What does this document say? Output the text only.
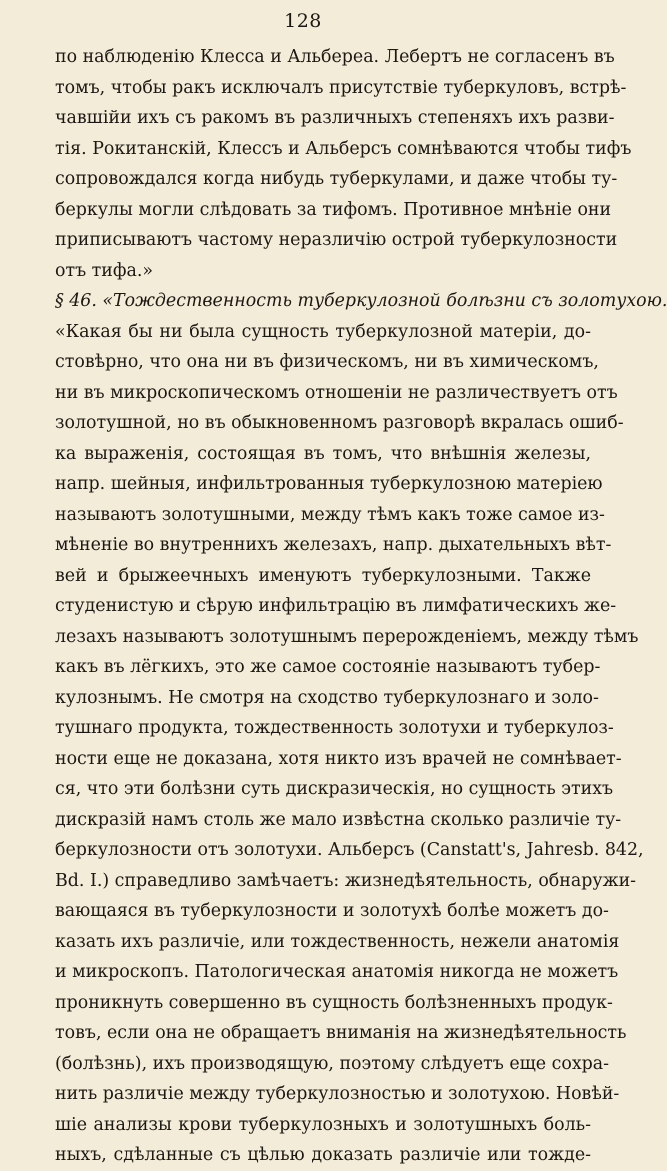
128
по наблюденію Клесса и Альбереа. Лебертъ не согласенъ въ
томъ, чтобы ракъ исключалъ присутствіе туберкуловъ, встрѣ-
чавшійи ихъ съ ракомъ въ различныхъ степеняхъ ихъ разви-
тія. Рокитанскій, Клессъ и Альберсъ сомнѣваются чтобы тифъ
сопровождался когда нибудь туберкулами, и даже чтобы ту-
беркулы могли слѣдовать за тифомъ. Противное мнѣніе они
приписываютъ частому неразличію острой туберкулозности
отъ тифа.»
§ 46. «Тождественность туберкулозной болѣзни съ золотухою.
«Какая бы ни была сущность туберкулозной матеріи, до-
стовѣрно, что она ни въ физическомъ, ни въ химическомъ,
ни въ микроскопическомъ отношеніи не различествуетъ отъ
золотушной, но въ обыкновенномъ разговорѣ вкралась ошиб-
ка выраженія, состоящая въ томъ, что внѣшнія железы,
напр. шейныя, инфильтрованныя туберкулозною матеріею
называютъ золотушными, между тѣмъ какъ тоже самое из-
мѣненіе во внутреннихъ железахъ, напр. дыхательныхъ вѣт-
вей и брыжеечныхъ именуютъ туберкулозными. Также
студенистую и сѣрую инфильтрацію въ лимфатическихъ же-
лезахъ называютъ золотушнымъ перерожденіемъ, между тѣмъ
какъ въ лёгкихъ, это же самое состояніе называютъ тубер-
кулознымъ. Не смотря на сходство туберкулознаго и золо-
тушнаго продукта, тождественность золотухи и туберкулоз-
ности еще не доказана, хотя никто изъ врачей не сомнѣвает-
ся, что эти болѣзни суть дискразическія, но сущность этихъ
дискразій намъ столь же мало извѣстна сколько различіе ту-
беркулозности отъ золотухи. Альберсъ (Canstatt's, Jahresb. 842,
Bd. I.) справедливо замѣчаетъ: жизнедѣятельность, обнаружи-
вающаяся въ туберкулозности и золотухѣ болѣе можетъ до-
казать ихъ различіе, или тождественность, нежели анатомія
и микроскопъ. Патологическая анатомія никогда не можетъ
проникнуть совершенно въ сущность болѣзненныхъ продук-
товъ, если она не обращаетъ вниманія на жизнедѣятельность
(болѣзнь), ихъ производящую, поэтому слѣдуетъ еще сохра-
нить различіе между туберкулозностью и золотухою. Новѣй-
шіе анализы крови туберкулозныхъ и золотушныхъ боль-
ныхъ, сдѣланные съ цѣлью доказать различіе или тожде-
